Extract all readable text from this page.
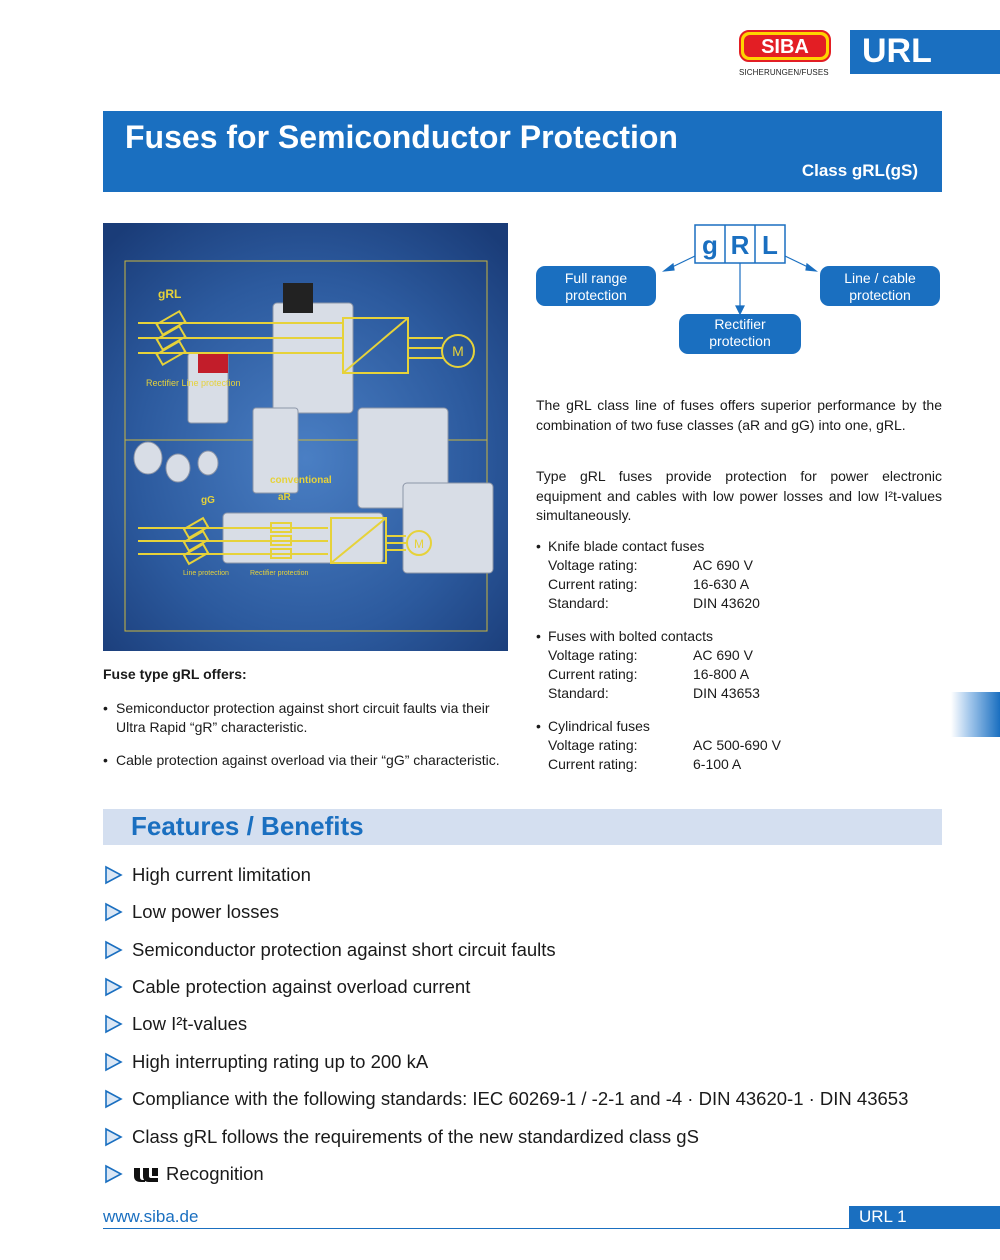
SIBA
SICHERUNGEN/FUSES
URL
Fuses for Semiconductor Protection
Class gRL(gS)
gRL
Rectifier Line protection
M
conventional
aR
gG
M
Line protection	Rectifier protection
Fuse type gRL offers:
• Semiconductor protection against short circuit faults via their Ultra Rapid “gR” characteristic.
• Cable protection against overload via their “gG” characteristic.
g R L
Full range
protection
Line / cable
protection
Rectifier
protection
The gRL class line of fuses offers superior performance by the combination of two fuse classes (aR and gG) into one, gRL.
Type gRL fuses provide protection for power electronic equipment and cables with low power losses and low I²t-values simultaneously.
• Knife blade contact fuses
Voltage rating:	AC 690 V
Current rating:	16-630 A
Standard:	DIN 43620
• Fuses with bolted contacts
Voltage rating:	AC 690 V
Current rating:	16-800 A
Standard:	DIN 43653
• Cylindrical fuses
Voltage rating:	AC 500-690 V
Current rating:	6-100 A
Features / Benefits
High current limitation
Low power losses
Semiconductor protection against short circuit faults
Cable protection against overload current
Low I²t-values
High interrupting rating up to 200 kA
Compliance with the following standards: IEC 60269-1 / -2-1 and -4 · DIN 43620-1 · DIN 43653
Class gRL follows the requirements of the new standardized class gS
Recognition
www.siba.de	URL 1
